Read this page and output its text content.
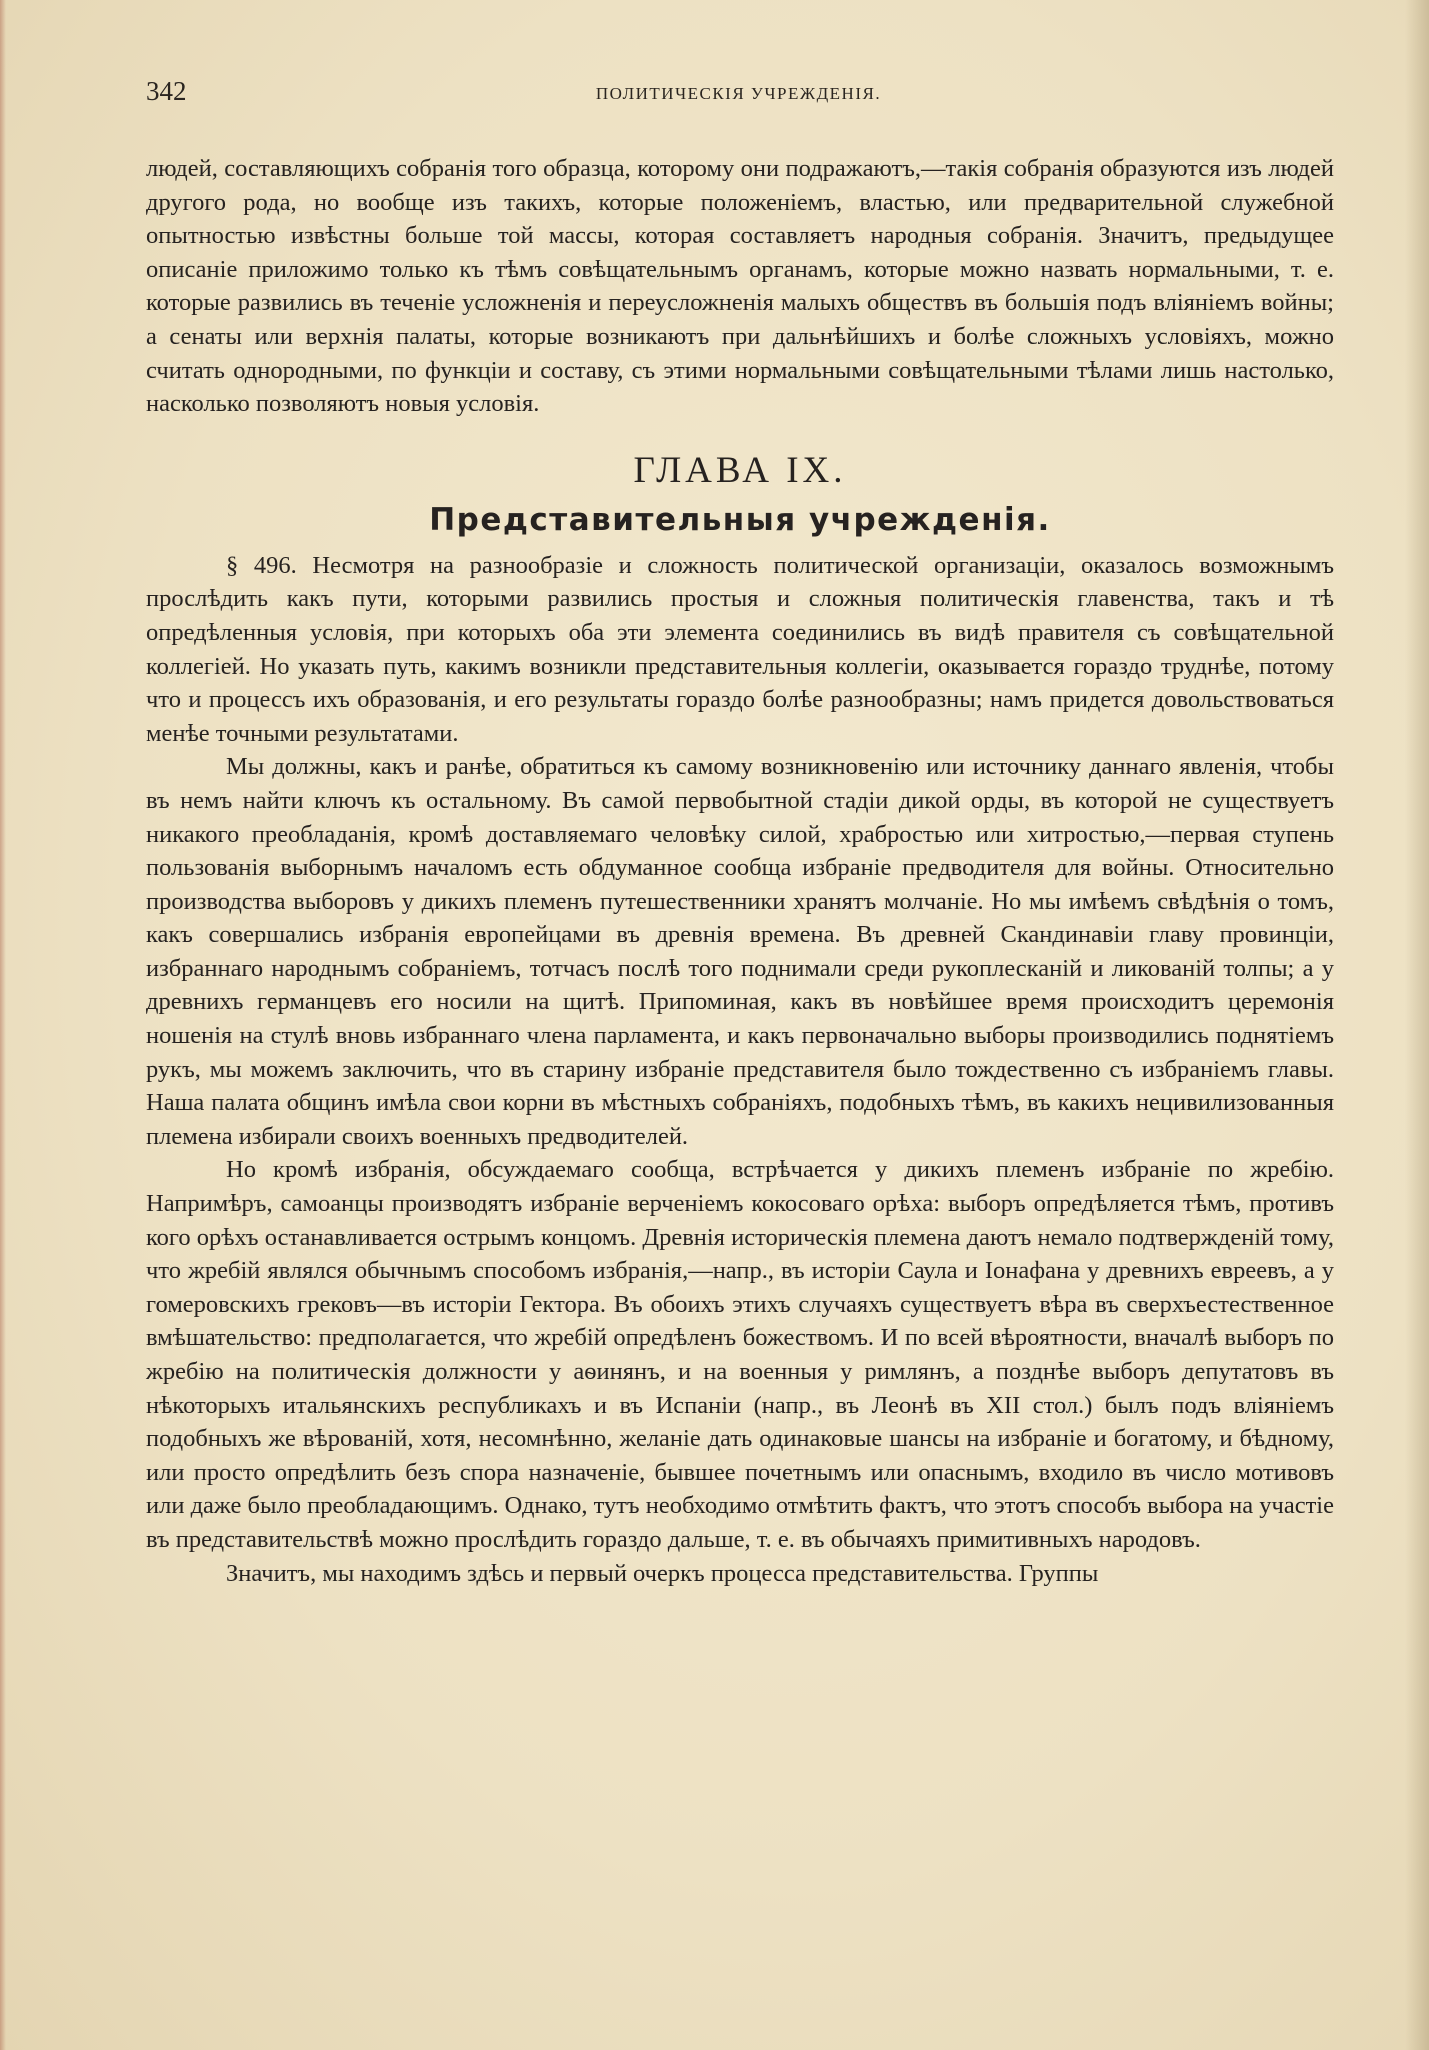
342	ПОЛИТИЧЕСКІЯ УЧРЕЖДЕНІЯ.

людей, составляющихъ собранія того образца, которому они подражаютъ,—такія собранія образуются изъ людей другого рода, но вообще изъ такихъ, которые положеніемъ, властью, или предварительной служебной опытностью извѣстны больше той массы, которая составляетъ народныя собранія. Значитъ, предыдущее описаніе приложимо только къ тѣмъ совѣщательнымъ органамъ, которые можно назвать нормальными, т. е. которые развились въ теченіе усложненія и переусложненія малыхъ обществъ въ большія подъ вліяніемъ войны; а сенаты или верхнія палаты, которые возникаютъ при дальнѣйшихъ и болѣе сложныхъ условіяхъ, можно считать однородными, по функціи и составу, съ этими нормальными совѣщательными тѣлами лишь настолько, насколько позволяютъ новыя условія.

ГЛАВА IX.
Представительныя учрежденія.

§ 496. Несмотря на разнообразіе и сложность политической организаціи, оказалось возможнымъ прослѣдить какъ пути, которыми развились простыя и сложныя политическія главенства, такъ и тѣ опредѣленныя условія, при которыхъ оба эти элемента соединились въ видѣ правителя съ совѣщательной коллегіей. Но указать путь, какимъ возникли представительныя коллегіи, оказывается гораздо труднѣе, потому что и процессъ ихъ образованія, и его результаты гораздо болѣе разнообразны; намъ придется довольствоваться менѣе точными результатами.

Мы должны, какъ и ранѣе, обратиться къ самому возникновенію или источнику даннаго явленія, чтобы въ немъ найти ключъ къ остальному. Въ самой первобытной стадіи дикой орды, въ которой не существуетъ никакого преобладанія, кромѣ доставляемаго человѣку силой, храбростью или хитростью,—первая ступень пользованія выборнымъ началомъ есть обдуманное сообща избраніе предводителя для войны. Относительно производства выборовъ у дикихъ племенъ путешественники хранятъ молчаніе. Но мы имѣемъ свѣдѣнія о томъ, какъ совершались избранія европейцами въ древнія времена. Въ древней Скандинавіи главу провинціи, избраннаго народнымъ собраніемъ, тотчасъ послѣ того поднимали среди рукоплесканій и ликованій толпы; а у древнихъ германцевъ его носили на щитѣ. Припоминая, какъ въ новѣйшее время происходитъ церемонія ношенія на стулѣ вновь избраннаго члена парламента, и какъ первоначально выборы производились поднятіемъ рукъ, мы можемъ заключить, что въ старину избраніе представителя было тождественно съ избраніемъ главы. Наша палата общинъ имѣла свои корни въ мѣстныхъ собраніяхъ, подобныхъ тѣмъ, въ какихъ нецивилизованныя племена избирали своихъ военныхъ предводителей.

Но кромѣ избранія, обсуждаемаго сообща, встрѣчается у дикихъ племенъ избраніе по жребію. Напримѣръ, самоанцы производятъ избраніе верченіемъ кокосоваго орѣха: выборъ опредѣляется тѣмъ, противъ кого орѣхъ останавливается острымъ концомъ. Древнія историческія племена даютъ немало подтвержденій тому, что жребій являлся обычнымъ способомъ избранія,—напр., въ исторіи Саула и Іонафана у древнихъ евреевъ, а у гомеровскихъ грековъ—въ исторіи Гектора. Въ обоихъ этихъ случаяхъ существуетъ вѣра въ сверхъестественное вмѣшательство: предполагается, что жребій опредѣленъ божествомъ. И по всей вѣроятности, вначалѣ выборъ по жребію на политическія должности у аѳинянъ, и на военныя у римлянъ, а позднѣе выборъ депутатовъ въ нѣкоторыхъ итальянскихъ республикахъ и въ Испаніи (напр., въ Леонѣ въ XII стол.) былъ подъ вліяніемъ подобныхъ же вѣрованій, хотя, несомнѣнно, желаніе дать одинаковые шансы на избраніе и богатому, и бѣдному, или просто опредѣлить безъ спора назначеніе, бывшее почетнымъ или опаснымъ, входило въ число мотивовъ или даже было преобладающимъ. Однако, тутъ необходимо отмѣтить фактъ, что этотъ способъ выбора на участіе въ представительствѣ можно прослѣдить гораздо дальше, т. е. въ обычаяхъ примитивныхъ народовъ.

Значитъ, мы находимъ здѣсь и первый очеркъ процесса представительства. Группы
